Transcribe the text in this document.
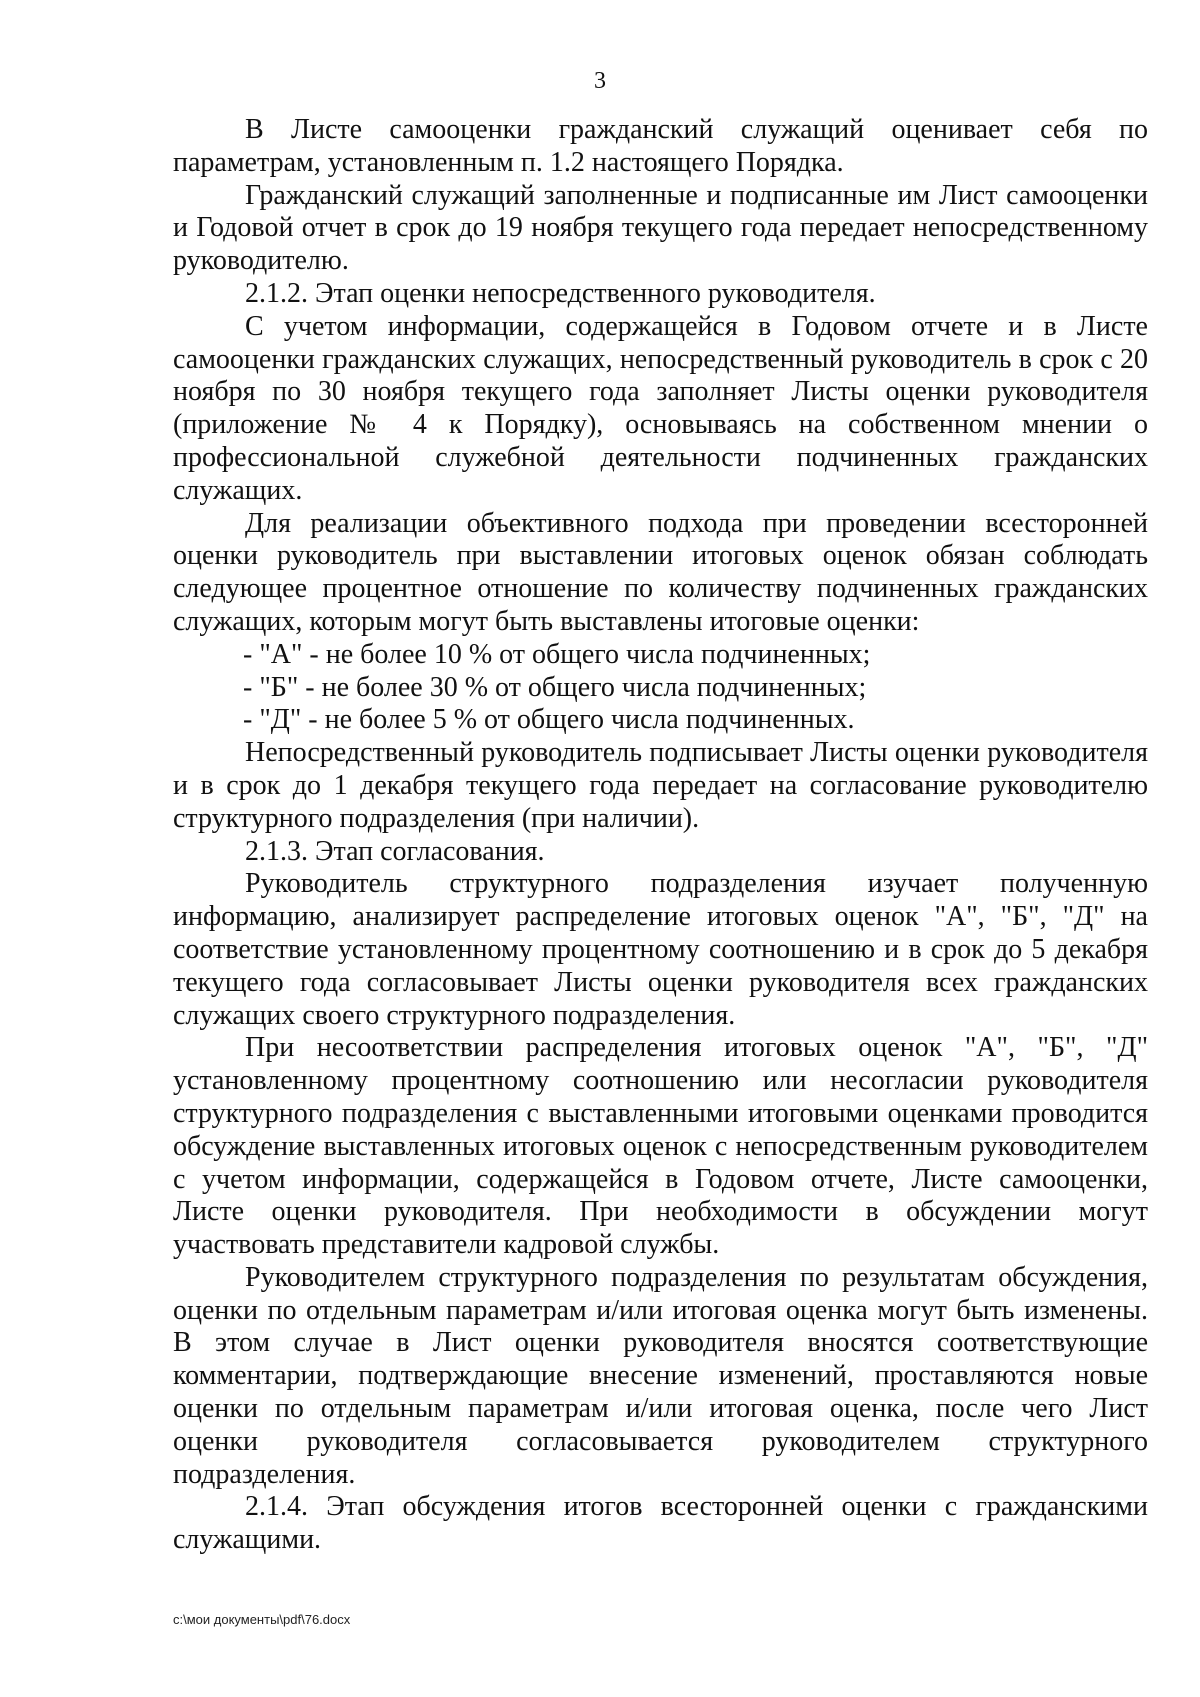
3

В Листе самооценки гражданский служащий оценивает себя по параметрам, установленным п. 1.2 настоящего Порядка.

Гражданский служащий заполненные и подписанные им Лист самооценки и Годовой отчет в срок до 19 ноября текущего года передает непосредственному руководителю.

2.1.2. Этап оценки непосредственного руководителя.

С учетом информации, содержащейся в Годовом отчете и в Листе самооценки гражданских служащих, непосредственный руководитель в срок с 20 ноября по 30 ноября текущего года заполняет Листы оценки руководителя (приложение № 4 к Порядку), основываясь на собственном мнении о профессиональной служебной деятельности подчиненных гражданских служащих.

Для реализации объективного подхода при проведении всесторонней оценки руководитель при выставлении итоговых оценок обязан соблюдать следующее процентное отношение по количеству подчиненных гражданских служащих, которым могут быть выставлены итоговые оценки:

- "А" - не более 10 % от общего числа подчиненных;

- "Б" - не более 30 % от общего числа подчиненных;

- "Д" - не более 5 % от общего числа подчиненных.

Непосредственный руководитель подписывает Листы оценки руководителя и в срок до 1 декабря текущего года передает на согласование руководителю структурного подразделения (при наличии).

2.1.3. Этап согласования.

Руководитель структурного подразделения изучает полученную информацию, анализирует распределение итоговых оценок "А", "Б", "Д" на соответствие установленному процентному соотношению и в срок до 5 декабря текущего года согласовывает Листы оценки руководителя всех гражданских служащих своего структурного подразделения.

При несоответствии распределения итоговых оценок "А", "Б", "Д" установленному процентному соотношению или несогласии руководителя структурного подразделения с выставленными итоговыми оценками проводится обсуждение выставленных итоговых оценок с непосредственным руководителем с учетом информации, содержащейся в Годовом отчете, Листе самооценки, Листе оценки руководителя. При необходимости в обсуждении могут участвовать представители кадровой службы.

Руководителем структурного подразделения по результатам обсуждения, оценки по отдельным параметрам и/или итоговая оценка могут быть изменены. В этом случае в Лист оценки руководителя вносятся соответствующие комментарии, подтверждающие внесение изменений, проставляются новые оценки по отдельным параметрам и/или итоговая оценка, после чего Лист оценки руководителя согласовывается руководителем структурного подразделения.

2.1.4. Этап обсуждения итогов всесторонней оценки с гражданскими служащими.

c:\мои документы\pdf\76.docx
